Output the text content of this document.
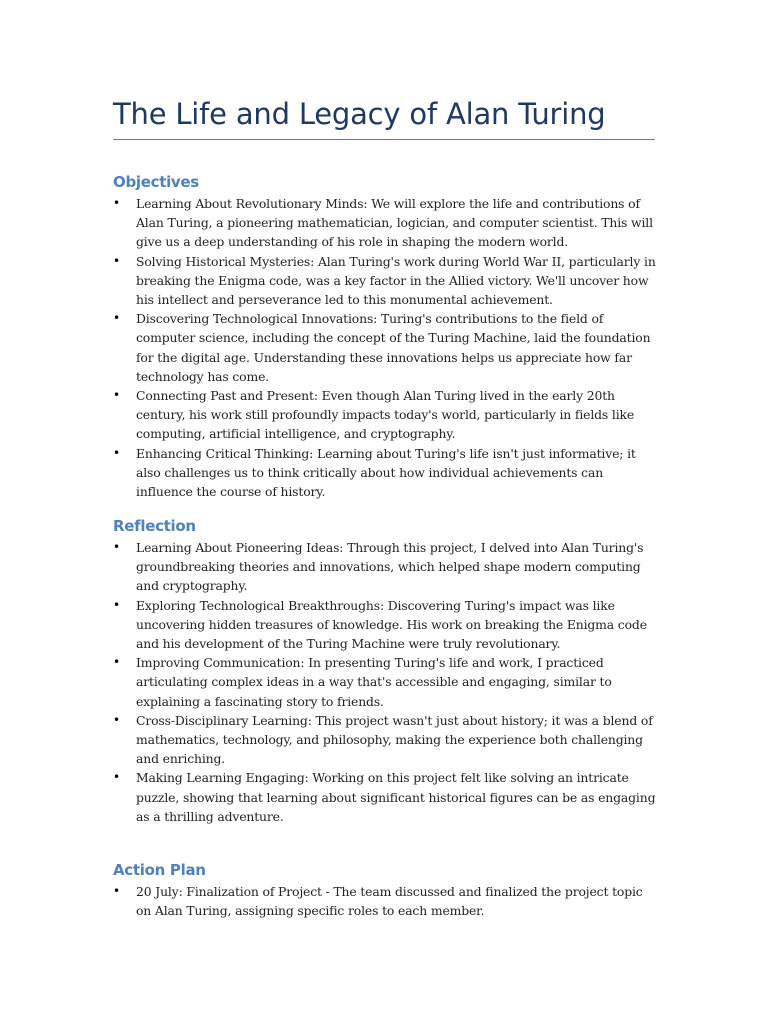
The Life and Legacy of Alan Turing
Objectives
• Learning About Revolutionary Minds: We will explore the life and contributions of Alan Turing, a pioneering mathematician, logician, and computer scientist. This will give us a deep understanding of his role in shaping the modern world.
• Solving Historical Mysteries: Alan Turing's work during World War II, particularly in breaking the Enigma code, was a key factor in the Allied victory. We'll uncover how his intellect and perseverance led to this monumental achievement.
• Discovering Technological Innovations: Turing's contributions to the field of computer science, including the concept of the Turing Machine, laid the foundation for the digital age. Understanding these innovations helps us appreciate how far technology has come.
• Connecting Past and Present: Even though Alan Turing lived in the early 20th century, his work still profoundly impacts today's world, particularly in fields like computing, artificial intelligence, and cryptography.
• Enhancing Critical Thinking: Learning about Turing's life isn't just informative; it also challenges us to think critically about how individual achievements can influence the course of history.
Reflection
• Learning About Pioneering Ideas: Through this project, I delved into Alan Turing's groundbreaking theories and innovations, which helped shape modern computing and cryptography.
• Exploring Technological Breakthroughs: Discovering Turing's impact was like uncovering hidden treasures of knowledge. His work on breaking the Enigma code and his development of the Turing Machine were truly revolutionary.
• Improving Communication: In presenting Turing's life and work, I practiced articulating complex ideas in a way that's accessible and engaging, similar to explaining a fascinating story to friends.
• Cross-Disciplinary Learning: This project wasn't just about history; it was a blend of mathematics, technology, and philosophy, making the experience both challenging and enriching.
• Making Learning Engaging: Working on this project felt like solving an intricate puzzle, showing that learning about significant historical figures can be as engaging as a thrilling adventure.
Action Plan
• 20 July: Finalization of Project - The team discussed and finalized the project topic on Alan Turing, assigning specific roles to each member.
